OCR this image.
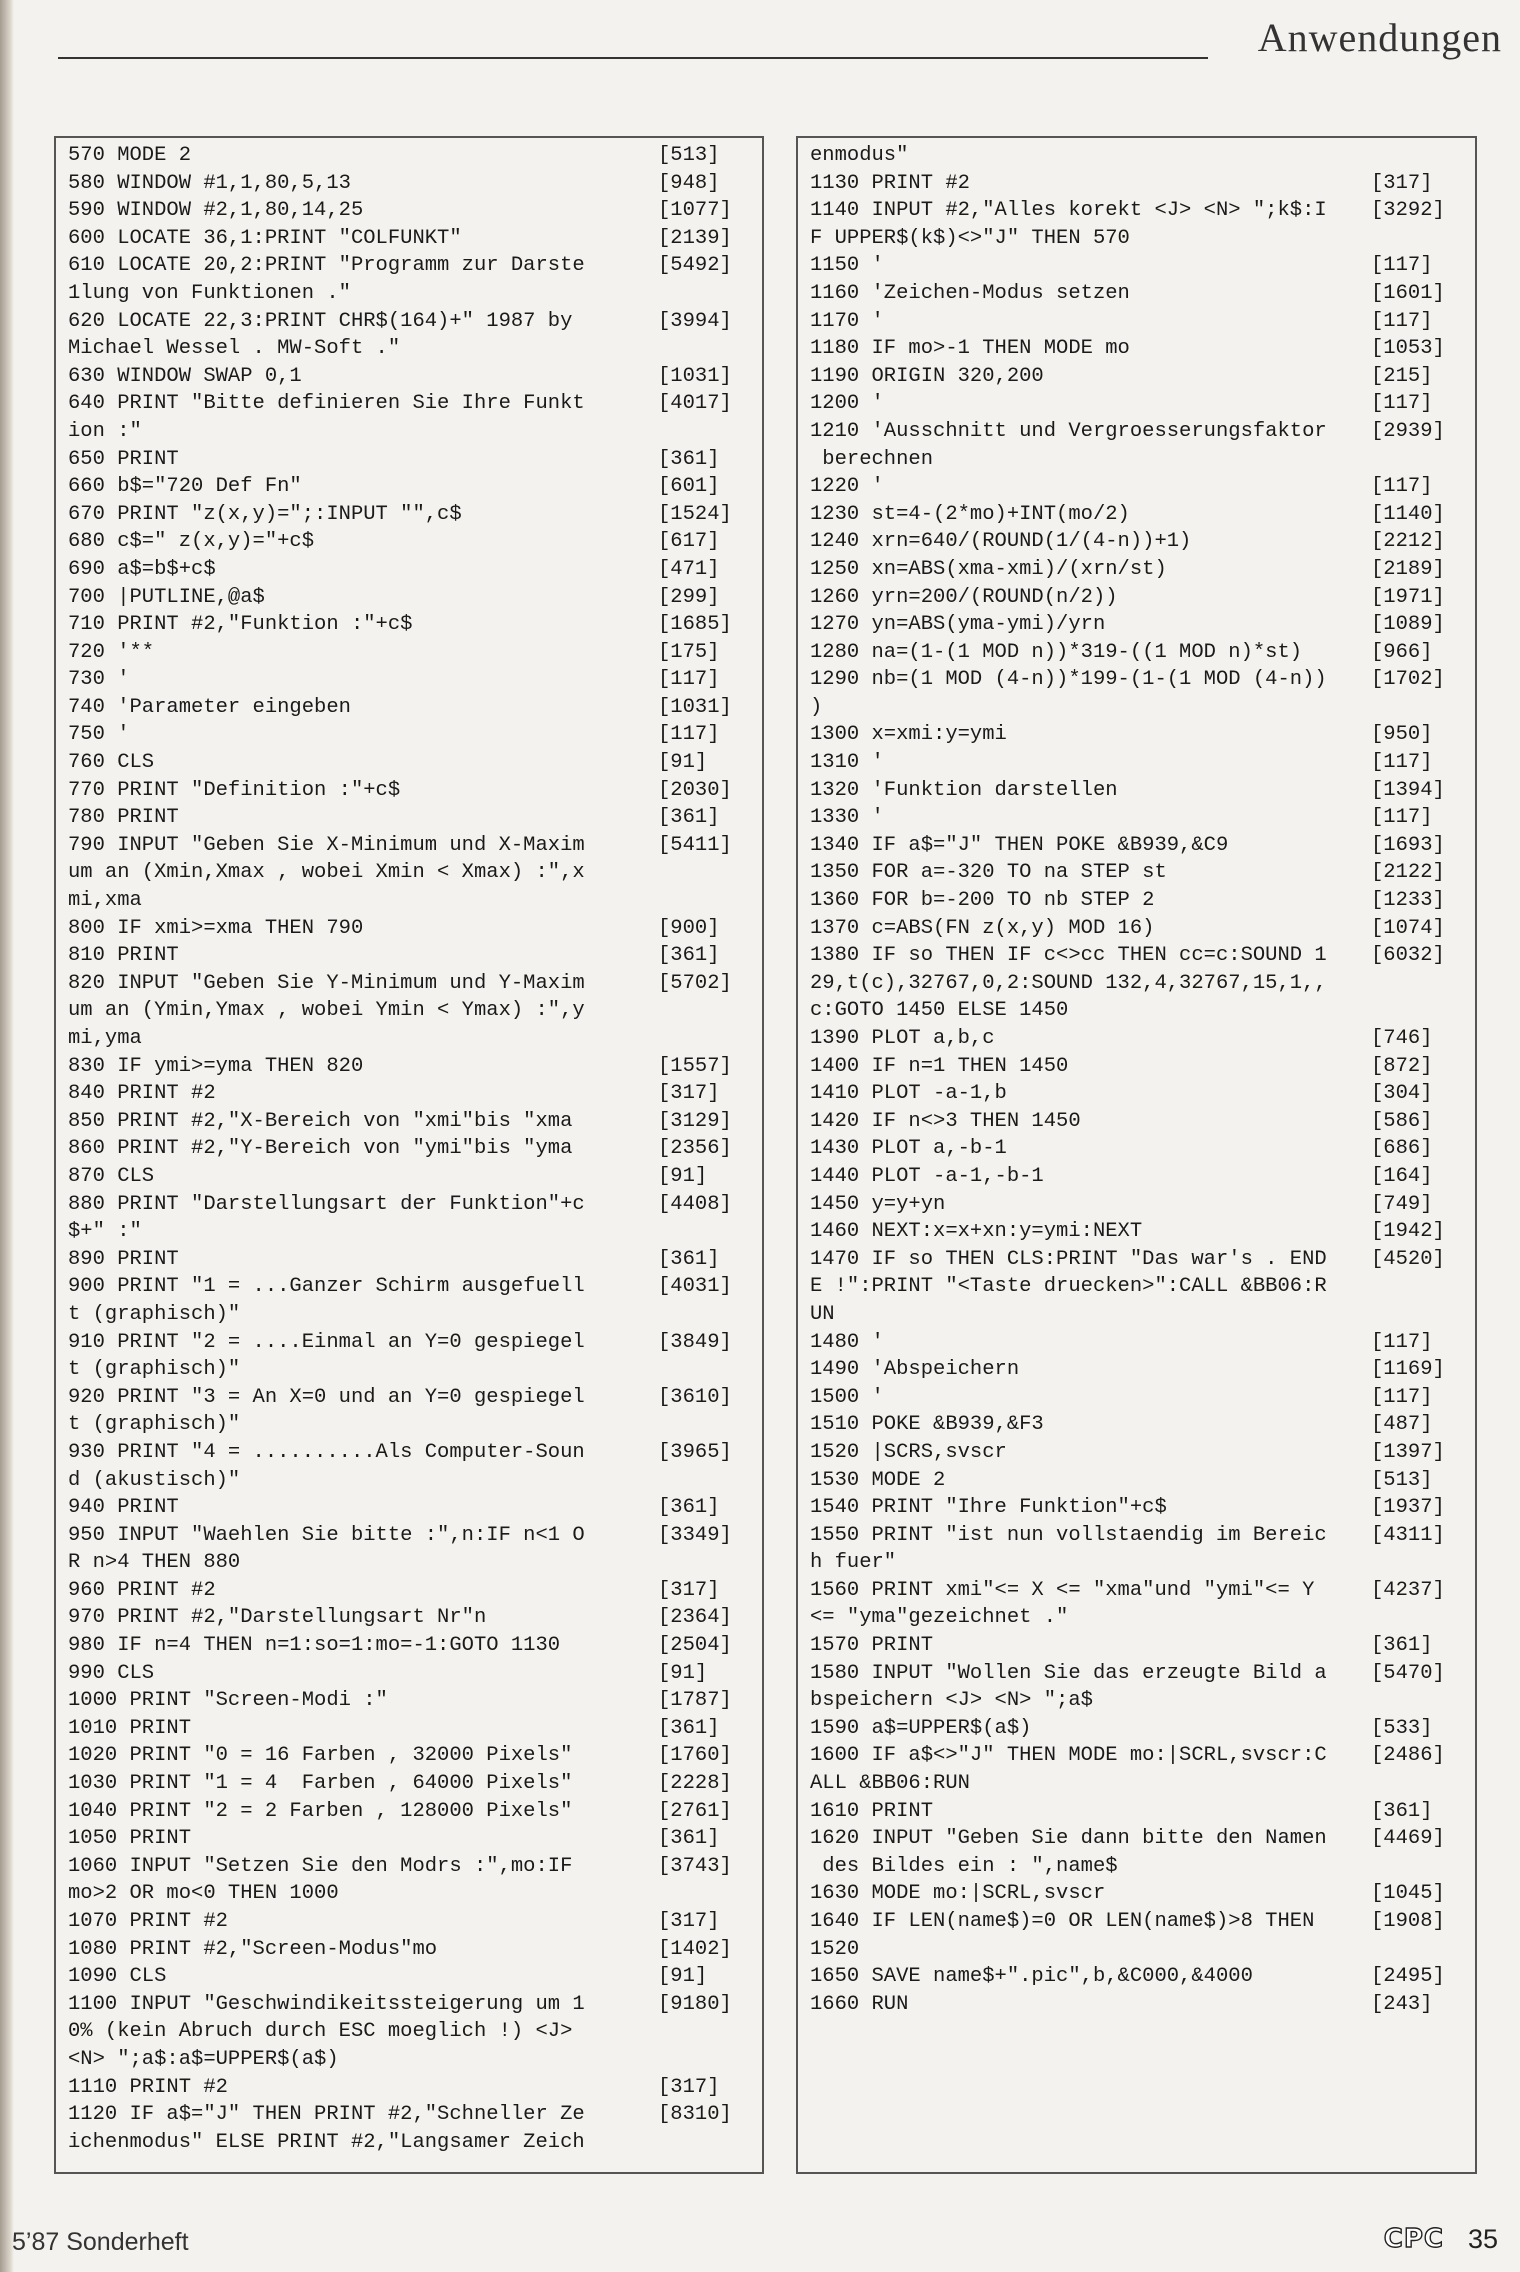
Anwendungen
570 MODE 2	[513]
580 WINDOW #1,1,80,5,13	[948]
590 WINDOW #2,1,80,14,25	[1077]
600 LOCATE 36,1:PRINT "COLFUNKT"	[2139]
610 LOCATE 20,2:PRINT "Programm zur Darste	[5492]
1lung von Funktionen ."
620 LOCATE 22,3:PRINT CHR$(164)+" 1987 by	[3994]
Michael Wessel . MW-Soft ."
630 WINDOW SWAP 0,1	[1031]
640 PRINT "Bitte definieren Sie Ihre Funkt	[4017]
ion :"
650 PRINT	[361]
660 b$="720 Def Fn"	[601]
670 PRINT "z(x,y)=";:INPUT "",c$	[1524]
680 c$=" z(x,y)="+c$	[617]
690 a$=b$+c$	[471]
700 |PUTLINE,@a$	[299]
710 PRINT #2,"Funktion :"+c$	[1685]
720 '**	[175]
730 '	[117]
740 'Parameter eingeben	[1031]
750 '	[117]
760 CLS	[91]
770 PRINT "Definition :"+c$	[2030]
780 PRINT	[361]
790 INPUT "Geben Sie X-Minimum und X-Maxim	[5411]
um an (Xmin,Xmax , wobei Xmin < Xmax) :",x
mi,xma
800 IF xmi>=xma THEN 790	[900]
810 PRINT	[361]
820 INPUT "Geben Sie Y-Minimum und Y-Maxim	[5702]
um an (Ymin,Ymax , wobei Ymin < Ymax) :",y
mi,yma
830 IF ymi>=yma THEN 820	[1557]
840 PRINT #2	[317]
850 PRINT #2,"X-Bereich von "xmi"bis "xma	[3129]
860 PRINT #2,"Y-Bereich von "ymi"bis "yma	[2356]
870 CLS	[91]
880 PRINT "Darstellungsart der Funktion"+c	[4408]
$+" :"
890 PRINT	[361]
900 PRINT "1 = ...Ganzer Schirm ausgefuell	[4031]
t (graphisch)"
910 PRINT "2 = ....Einmal an Y=0 gespiegel	[3849]
t (graphisch)"
920 PRINT "3 = An X=0 und an Y=0 gespiegel	[3610]
t (graphisch)"
930 PRINT "4 = ..........Als Computer-Soun	[3965]
d (akustisch)"
940 PRINT	[361]
950 INPUT "Waehlen Sie bitte :",n:IF n<1 O	[3349]
R n>4 THEN 880
960 PRINT #2	[317]
970 PRINT #2,"Darstellungsart Nr"n	[2364]
980 IF n=4 THEN n=1:so=1:mo=-1:GOTO 1130	[2504]
990 CLS	[91]
1000 PRINT "Screen-Modi :"	[1787]
1010 PRINT	[361]
1020 PRINT "0 = 16 Farben , 32000 Pixels"	[1760]
1030 PRINT "1 = 4  Farben , 64000 Pixels"	[2228]
1040 PRINT "2 = 2 Farben , 128000 Pixels"	[2761]
1050 PRINT	[361]
1060 INPUT "Setzen Sie den Modrs :",mo:IF	[3743]
mo>2 OR mo<0 THEN 1000
1070 PRINT #2	[317]
1080 PRINT #2,"Screen-Modus"mo	[1402]
1090 CLS	[91]
1100 INPUT "Geschwindikeitssteigerung um 1	[9180]
0% (kein Abruch durch ESC moeglich !) <J>
<N> ";a$:a$=UPPER$(a$)
1110 PRINT #2	[317]
1120 IF a$="J" THEN PRINT #2,"Schneller Ze	[8310]
ichenmodus" ELSE PRINT #2,"Langsamer Zeich
enmodus"
1130 PRINT #2	[317]
1140 INPUT #2,"Alles korekt <J> <N> ";k$:I	[3292]
F UPPER$(k$)<>"J" THEN 570
1150 '	[117]
1160 'Zeichen-Modus setzen	[1601]
1170 '	[117]
1180 IF mo>-1 THEN MODE mo	[1053]
1190 ORIGIN 320,200	[215]
1200 '	[117]
1210 'Ausschnitt und Vergroesserungsfaktor	[2939]
berechnen
1220 '	[117]
1230 st=4-(2*mo)+INT(mo/2)	[1140]
1240 xrn=640/(ROUND(1/(4-n))+1)	[2212]
1250 xn=ABS(xma-xmi)/(xrn/st)	[2189]
1260 yrn=200/(ROUND(n/2))	[1971]
1270 yn=ABS(yma-ymi)/yrn	[1089]
1280 na=(1-(1 MOD n))*319-((1 MOD n)*st)	[966]
1290 nb=(1 MOD (4-n))*199-(1-(1 MOD (4-n))	[1702]
)
1300 x=xmi:y=ymi	[950]
1310 '	[117]
1320 'Funktion darstellen	[1394]
1330 '	[117]
1340 IF a$="J" THEN POKE &B939,&C9	[1693]
1350 FOR a=-320 TO na STEP st	[2122]
1360 FOR b=-200 TO nb STEP 2	[1233]
1370 c=ABS(FN z(x,y) MOD 16)	[1074]
1380 IF so THEN IF c<>cc THEN cc=c:SOUND 1	[6032]
29,t(c),32767,0,2:SOUND 132,4,32767,15,1,,
c:GOTO 1450 ELSE 1450
1390 PLOT a,b,c	[746]
1400 IF n=1 THEN 1450	[872]
1410 PLOT -a-1,b	[304]
1420 IF n<>3 THEN 1450	[586]
1430 PLOT a,-b-1	[686]
1440 PLOT -a-1,-b-1	[164]
1450 y=y+yn	[749]
1460 NEXT:x=x+xn:y=ymi:NEXT	[1942]
1470 IF so THEN CLS:PRINT "Das war's . END	[4520]
E !":PRINT "<Taste druecken>":CALL &BB06:R
UN
1480 '	[117]
1490 'Abspeichern	[1169]
1500 '	[117]
1510 POKE &B939,&F3	[487]
1520 |SCRS,svscr	[1397]
1530 MODE 2	[513]
1540 PRINT "Ihre Funktion"+c$	[1937]
1550 PRINT "ist nun vollstaendig im Bereic	[4311]
h fuer"
1560 PRINT xmi"<= X <= "xma"und "ymi"<= Y	[4237]
<= "yma"gezeichnet ."
1570 PRINT	[361]
1580 INPUT "Wollen Sie das erzeugte Bild a	[5470]
bspeichern <J> <N> ";a$
1590 a$=UPPER$(a$)	[533]
1600 IF a$<>"J" THEN MODE mo:|SCRL,svscr:C	[2486]
ALL &BB06:RUN
1610 PRINT	[361]
1620 INPUT "Geben Sie dann bitte den Namen	[4469]
des Bildes ein : ",name$
1630 MODE mo:|SCRL,svscr	[1045]
1640 IF LEN(name$)=0 OR LEN(name$)>8 THEN	[1908]
1520
1650 SAVE name$+".pic",b,&C000,&4000	[2495]
1660 RUN	[243]
5’87 Sonderheft	CPC 35
